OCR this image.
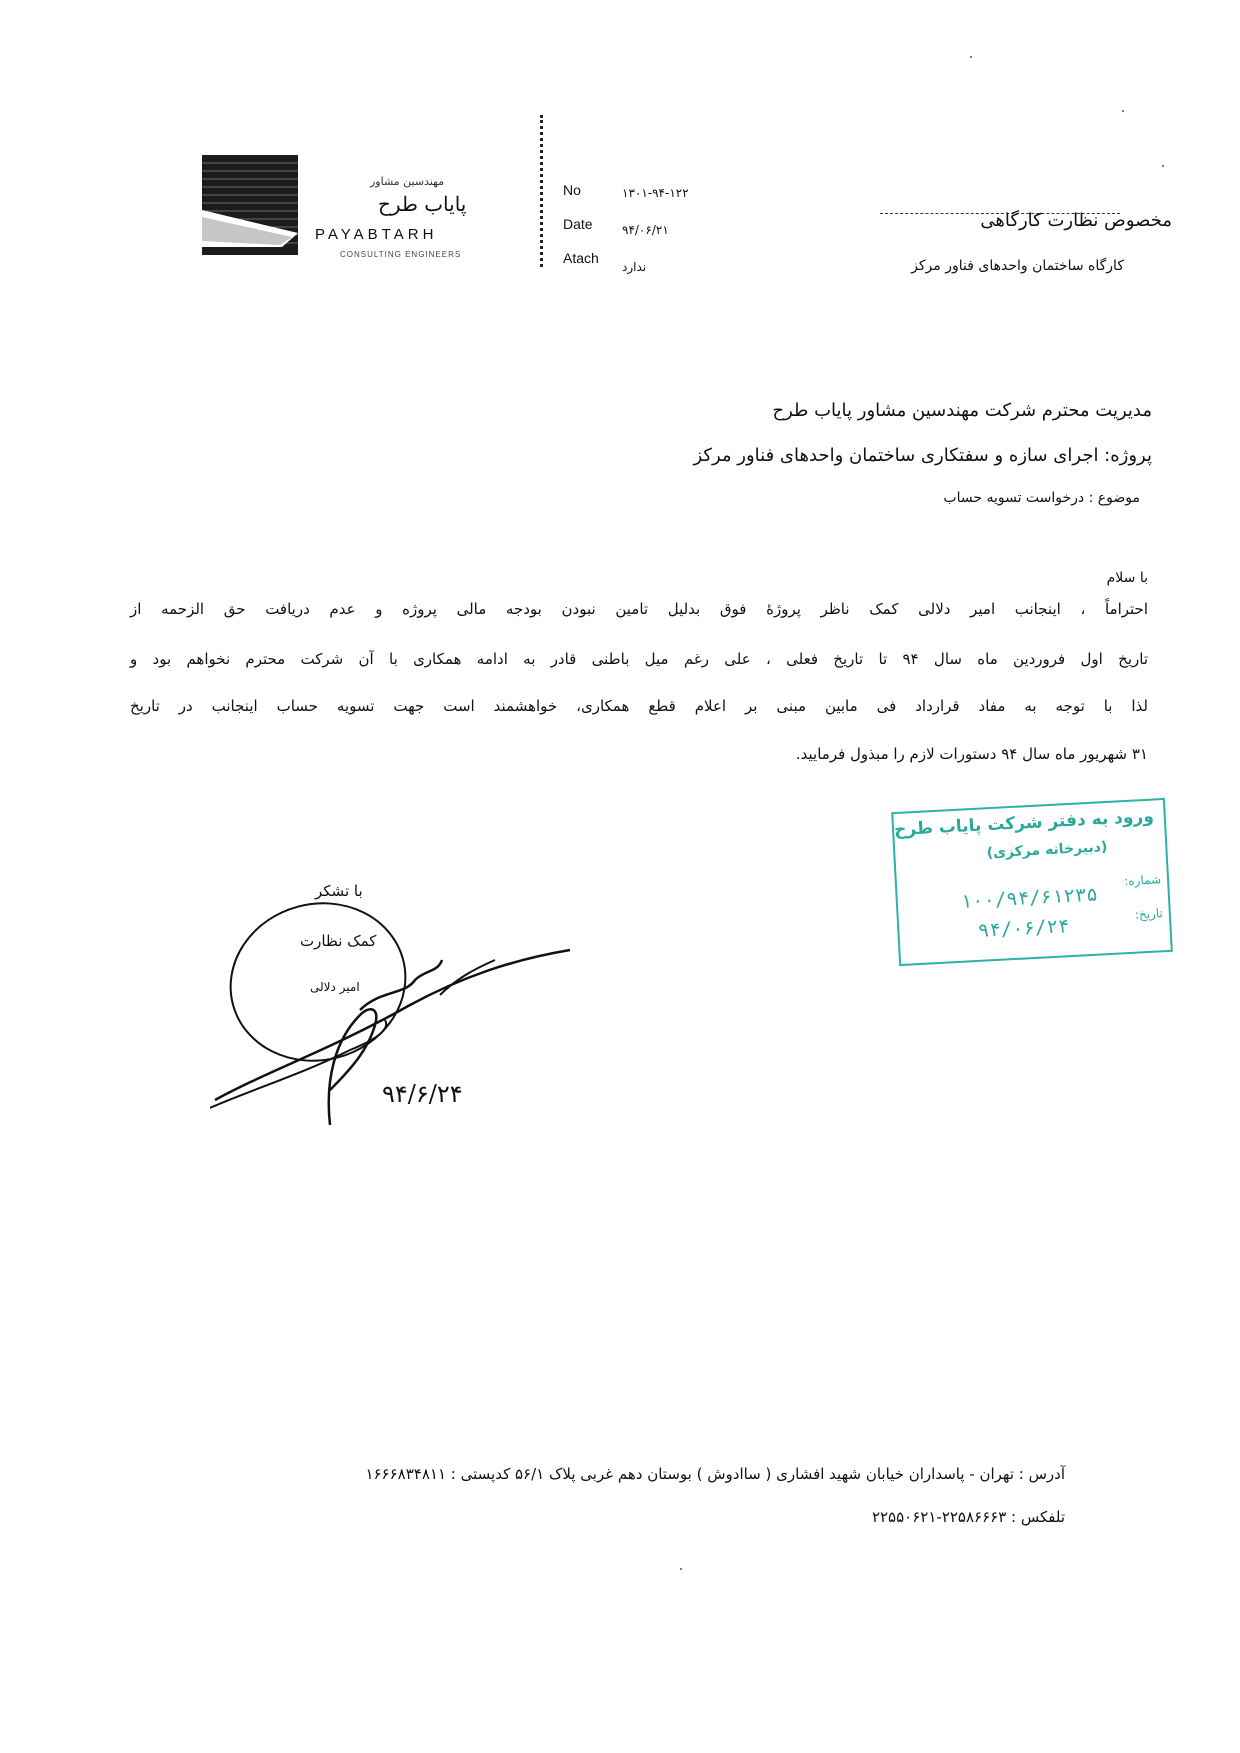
مهندسین مشاور
پایاب طرح
PAYABTARH
CONSULTING ENGINEERS
No	۱۳۰۱-۹۴-۱۲۲
Date ۹۴/۰۶/۲۱
Atach
ندارد
مخصوص نظارت کارگاهی
کارگاه ساختمان واحدهای فناور مرکز
مدیریت محترم شرکت مهندسین مشاور پایاب طرح
پروژه: اجرای سازه و سفتکاری ساختمان واحدهای فناور مرکز
موضوع : درخواست تسویه حساب
با سلام
احتراماً ، اینجانب امیر دلالی کمک ناظر پروژهٔ فوق بدلیل تامین نبودن بودجه مالی پروژه و عدم دریافت حق الزحمه از
تاریخ اول فروردین ماه سال ۹۴ تا تاریخ فعلی ، علی رغم میل باطنی قادر به ادامه همکاری با آن شرکت محترم نخواهم بود و
لذا با توجه به مفاد قرارداد فی مابین مبنی بر اعلام قطع همکاری، خواهشمند است جهت تسویه حساب اینجانب در تاریخ
۳۱ شهریور ماه سال ۹۴ دستورات لازم را مبذول فرمایید.
ورود به دفتر شرکت پایاب طرح
(دبیرخانه مرکزی)
شماره:
۱۰۰/۹۴/۶۱۲۳۵
تاریخ:
۹۴/۰۶/۲۴
با تشکر
کمک نظارت
امیر دلالی
۹۴/۶/۲۴
آدرس : تهران - پاسداران خیابان شهید افشاری ( ساادوش ) بوستان دهم غربی پلاک ۵۶/۱ کدپستی : ۱۶۶۶۸۳۴۸۱۱
تلفکس : ۲۲۵۸۶۶۶۳-۲۲۵۵۰۶۲۱
